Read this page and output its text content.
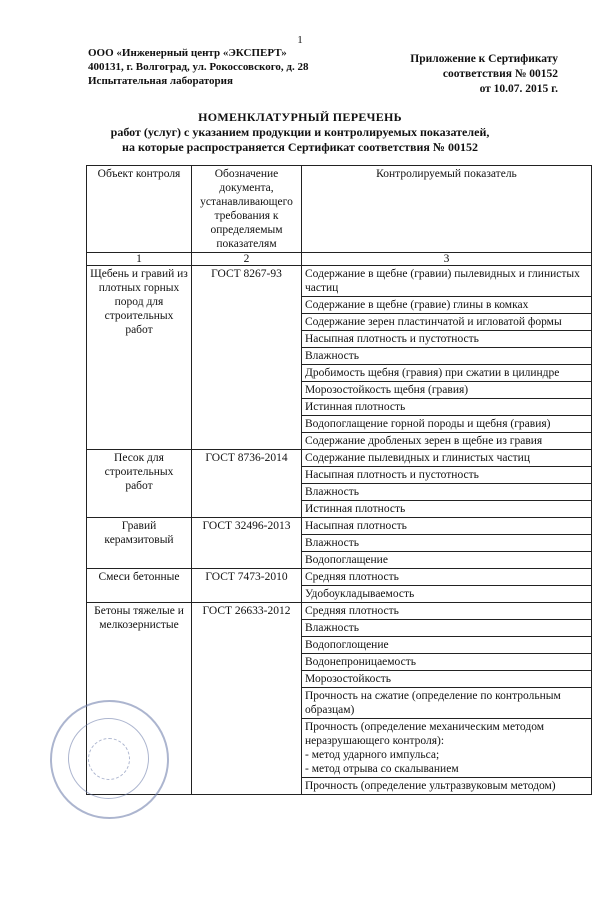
1
ООО «Инженерный центр «ЭКСПЕРТ»
400131, г. Волгоград, ул. Рокоссовского, д. 28
Испытательная лаборатория
Приложение к Сертификату
соответствия № 00152
от 10.07. 2015 г.
НОМЕНКЛАТУРНЫЙ ПЕРЕЧЕНЬ
работ (услуг) с указанием продукции и контролируемых показателей,
на которые распространяется Сертификат соответствия № 00152
Объект контроля	Обозначение документа, устанавливающего требования к определяемым показателям	Контролируемый показатель
1	2	3
Щебень и гравий из плотных горных пород для строительных работ	ГОСТ 8267-93	Содержание в щебне (гравии) пылевидных и глинистых частиц
		Содержание в щебне (гравие) глины в комках
		Содержание зерен пластинчатой и игловатой формы
		Насыпная плотность и пустотность
		Влажность
		Дробимость щебня (гравия) при сжатии в цилиндре
		Морозостойкость щебня (гравия)
		Истинная плотность
		Водопоглащение горной породы и щебня (гравия)
		Содержание дробленых зерен в щебне из гравия
Песок для строительных работ	ГОСТ 8736-2014	Содержание пылевидных и глинистых частиц
		Насыпная плотность и пустотность
		Влажность
		Истинная плотность
Гравий керамзитовый	ГОСТ 32496-2013	Насыпная плотность
		Влажность
		Водопоглащение
Смеси бетонные	ГОСТ 7473-2010	Средняя плотность
		Удобоукладываемость
Бетоны тяжелые и мелкозернистые	ГОСТ 26633-2012	Средняя плотность
		Влажность
		Водопоглощение
		Водонепроницаемость
		Морозостойкость
		Прочность на сжатие (определение по контрольным образцам)
		Прочность (определение механическим методом неразрушающего контроля):
- метод ударного импульса;
- метод отрыва со скалыванием
		Прочность (определение ультразвуковым методом)
